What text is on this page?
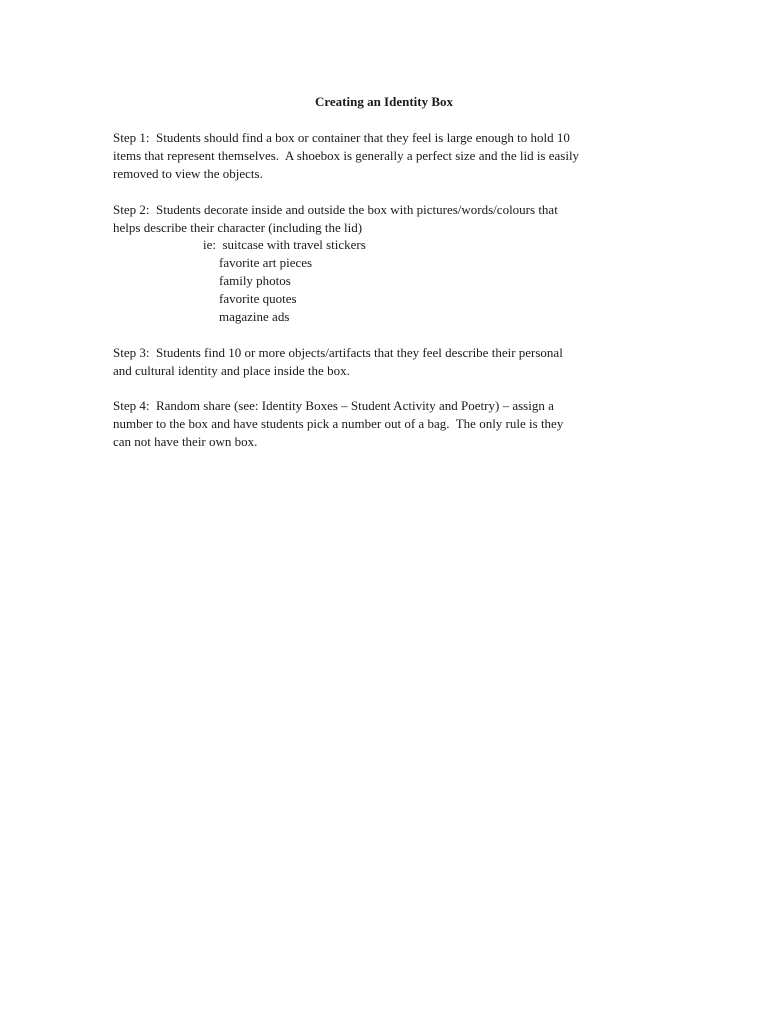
Creating an Identity Box

Step 1:  Students should find a box or container that they feel is large enough to hold 10
items that represent themselves.  A shoebox is generally a perfect size and the lid is easily
removed to view the objects.

Step 2:  Students decorate inside and outside the box with pictures/words/colours that
helps describe their character (including the lid)

ie:  suitcase with travel stickers
favorite art pieces
family photos
favorite quotes
magazine ads

Step 3:  Students find 10 or more objects/artifacts that they feel describe their personal
and cultural identity and place inside the box.

Step 4:  Random share (see: Identity Boxes – Student Activity and Poetry) – assign a
number to the box and have students pick a number out of a bag.  The only rule is they
can not have their own box.
